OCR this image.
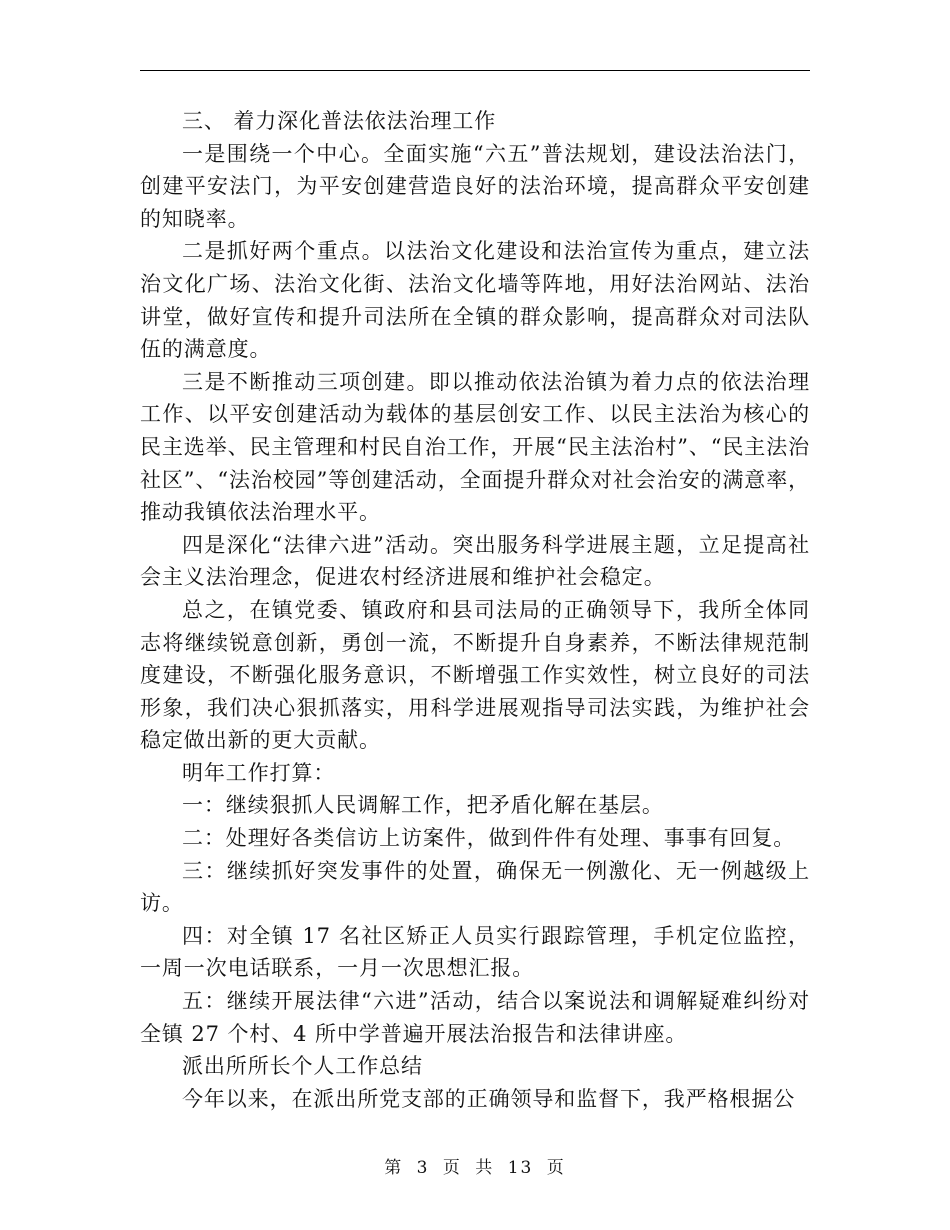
三、 着力深化普法依法治理工作

一是围绕一个中心。全面实施“六五”普法规划，建设法治法门，创建平安法门，为平安创建营造良好的法治环境，提高群众平安创建的知晓率。

二是抓好两个重点。以法治文化建设和法治宣传为重点，建立法治文化广场、法治文化街、法治文化墙等阵地，用好法治网站、法治讲堂，做好宣传和提升司法所在全镇的群众影响，提高群众对司法队伍的满意度。

三是不断推动三项创建。即以推动依法治镇为着力点的依法治理工作、以平安创建活动为载体的基层创安工作、以民主法治为核心的民主选举、民主管理和村民自治工作，开展“民主法治村”、“民主法治社区”、“法治校园”等创建活动，全面提升群众对社会治安的满意率，推动我镇依法治理水平。

四是深化“法律六进”活动。突出服务科学进展主题，立足提高社会主义法治理念，促进农村经济进展和维护社会稳定。

总之，在镇党委、镇政府和县司法局的正确领导下，我所全体同志将继续锐意创新，勇创一流，不断提升自身素养，不断法律规范制度建设，不断强化服务意识，不断增强工作实效性，树立良好的司法形象，我们决心狠抓落实，用科学进展观指导司法实践，为维护社会稳定做出新的更大贡献。

明年工作打算：

一：继续狠抓人民调解工作，把矛盾化解在基层。

二：处理好各类信访上访案件，做到件件有处理、事事有回复。

三：继续抓好突发事件的处置，确保无一例激化、无一例越级上访。

四：对全镇 17 名社区矫正人员实行跟踪管理，手机定位监控，一周一次电话联系，一月一次思想汇报。

五：继续开展法律“六进”活动，结合以案说法和调解疑难纠纷对全镇 27 个村、4 所中学普遍开展法治报告和法律讲座。

派出所所长个人工作总结

今年以来，在派出所党支部的正确领导和监督下，我严格根据公

第 3 页 共 13 页
